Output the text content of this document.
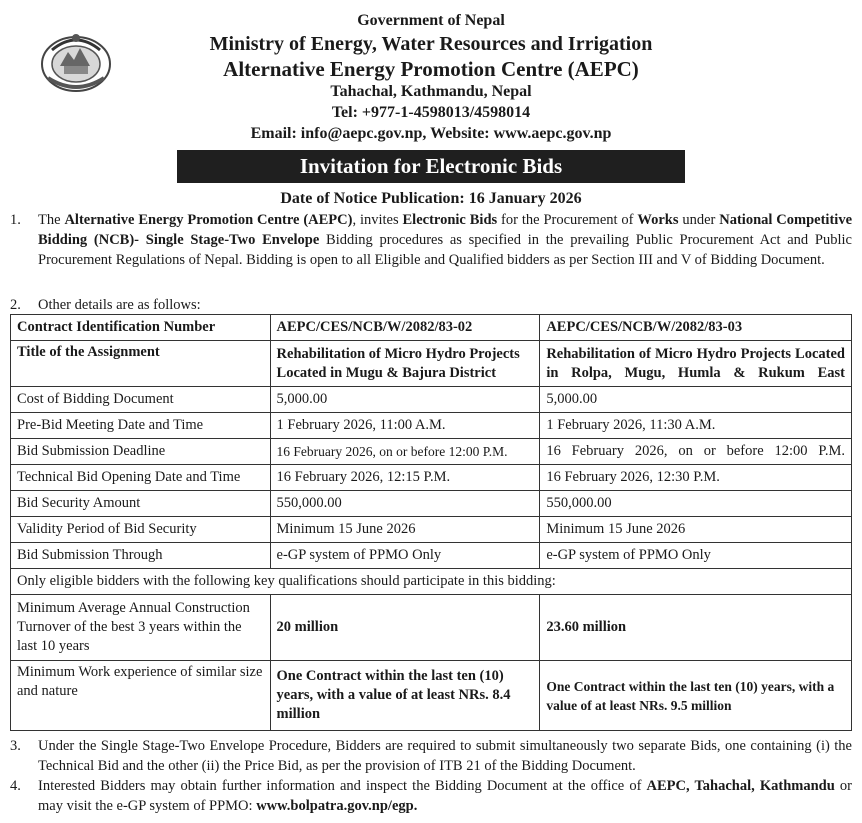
Government of Nepal
Ministry of Energy, Water Resources and Irrigation
Alternative Energy Promotion Centre (AEPC)
Tahachal, Kathmandu, Nepal
Tel: +977-1-4598013/4598014
Email: info@aepc.gov.np, Website: www.aepc.gov.np
Invitation for Electronic Bids
Date of Notice Publication: 16 January 2026
1. The Alternative Energy Promotion Centre (AEPC), invites Electronic Bids for the Procurement of Works under National Competitive Bidding (NCB)- Single Stage-Two Envelope Bidding procedures as specified in the prevailing Public Procurement Act and Public Procurement Regulations of Nepal. Bidding is open to all Eligible and Qualified bidders as per Section III and V of Bidding Document.
2. Other details are as follows:
Contract Identification Number	AEPC/CES/NCB/W/2082/83-02	AEPC/CES/NCB/W/2082/83-03
Title of the Assignment	Rehabilitation of Micro Hydro Projects Located in Mugu & Bajura District	Rehabilitation of Micro Hydro Projects Located in Rolpa, Mugu, Humla & Rukum East
Cost of Bidding Document	5,000.00	5,000.00
Pre-Bid Meeting Date and Time	1 February 2026, 11:00 A.M.	1 February 2026, 11:30 A.M.
Bid Submission Deadline	16 February 2026, on or before 12:00 P.M.	16 February 2026, on or before 12:00 P.M.
Technical Bid Opening Date and Time	16 February 2026, 12:15 P.M.	16 February 2026, 12:30 P.M.
Bid Security Amount	550,000.00	550,000.00
Validity Period of Bid Security	Minimum 15 June 2026	Minimum 15 June 2026
Bid Submission Through	e-GP system of PPMO Only	e-GP system of PPMO Only
Only eligible bidders with the following key qualifications should participate in this bidding:		
Minimum Average Annual Construction Turnover of the best 3 years within the last 10 years	20 million	23.60 million
Minimum Work experience of similar size and nature	One Contract within the last ten (10) years, with a value of at least NRs. 8.4 million	One Contract within the last ten (10) years, with a value of at least NRs. 9.5 million
3. Under the Single Stage-Two Envelope Procedure, Bidders are required to submit simultaneously two separate Bids, one containing (i) the Technical Bid and the other (ii) the Price Bid, as per the provision of ITB 21 of the Bidding Document.
4. Interested Bidders may obtain further information and inspect the Bidding Document at the office of AEPC, Tahachal, Kathmandu or may visit the e-GP system of PPMO: www.bolpatra.gov.np/egp.
